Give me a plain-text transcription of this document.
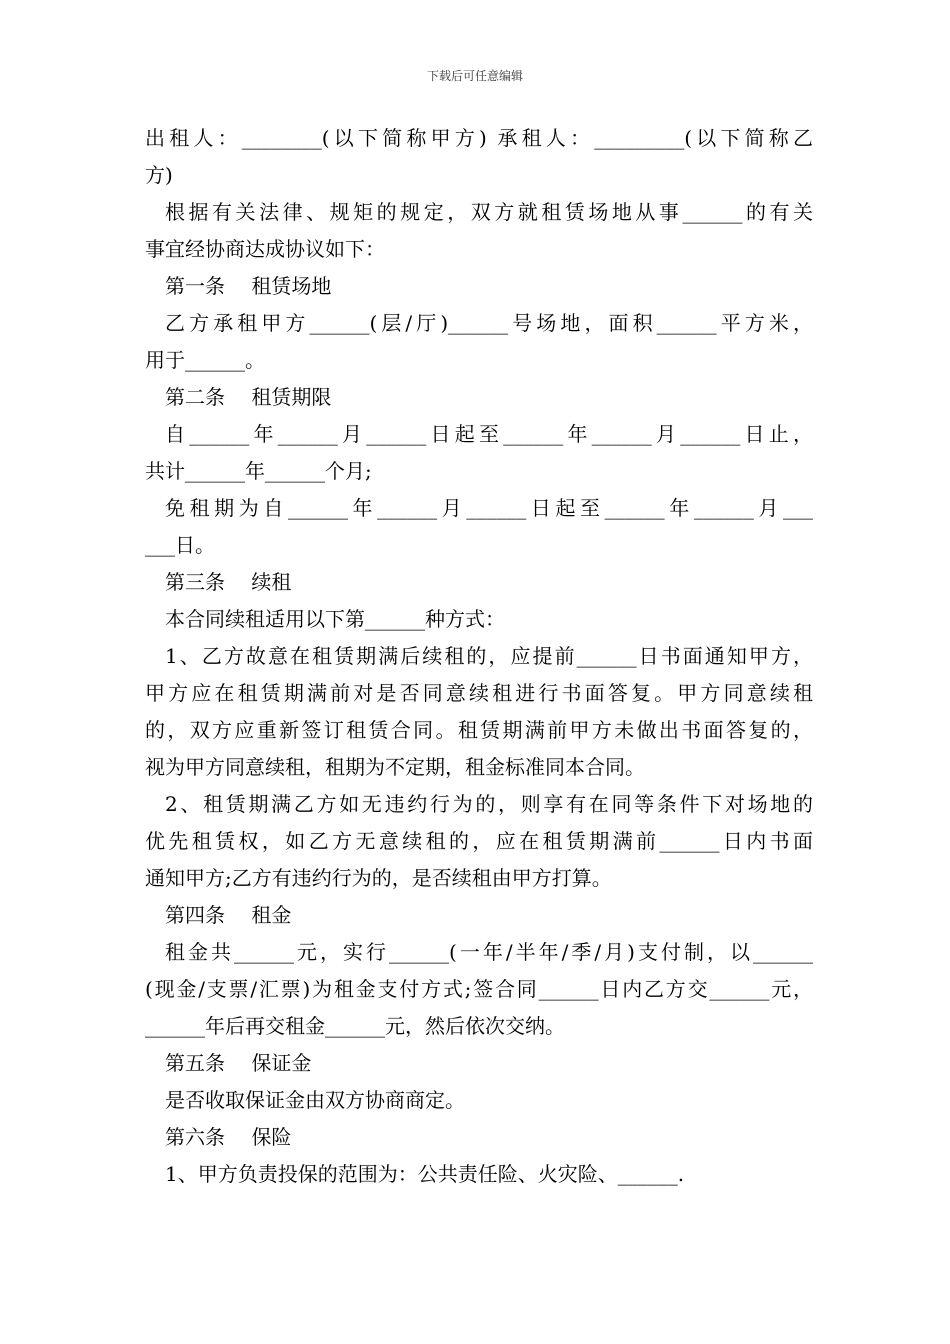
下载后可任意编辑
出租人：________(以下简称甲方) 承租人：_________(以下简称乙
方)
根据有关法律、规矩的规定，双方就租赁场地从事______的有关
事宜经协商达成协议如下：
第一条　 租赁场地
乙方承租甲方______(层/厅)______号场地，面积______平方米，
用于______。
第二条　 租赁期限
自______年______月______日起至______年______月______日止，
共计______年______个月;
免租期为自______年______月______日起至______年______月___
___日。
第三条　 续租
本合同续租适用以下第______种方式：
1、乙方故意在租赁期满后续租的，应提前______日书面通知甲方，
甲方应在租赁期满前对是否同意续租进行书面答复。甲方同意续租
的，双方应重新签订租赁合同。租赁期满前甲方未做出书面答复的，
视为甲方同意续租，租期为不定期，租金标准同本合同。
2、租赁期满乙方如无违约行为的，则享有在同等条件下对场地的
优先租赁权，如乙方无意续租的，应在租赁期满前______日内书面
通知甲方;乙方有违约行为的，是否续租由甲方打算。
第四条　 租金
租金共______元，实行______(一年/半年/季/月)支付制，以______
(现金/支票/汇票)为租金支付方式;签合同______日内乙方交______元，
______年后再交租金______元，然后依次交纳。
第五条　 保证金
是否收取保证金由双方协商商定。
第六条　 保险
1、甲方负责投保的范围为：公共责任险、火灾险、______.
